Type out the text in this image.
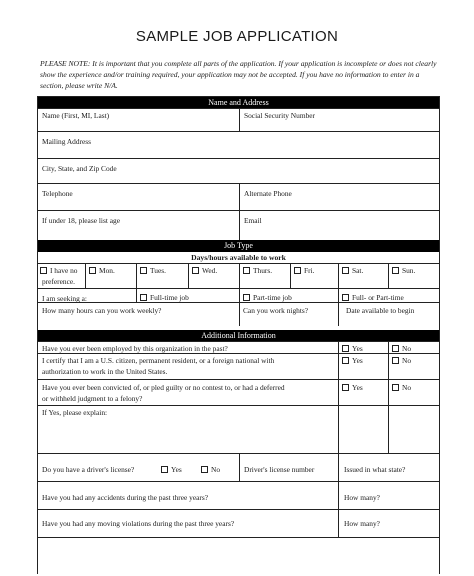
SAMPLE JOB APPLICATION
PLEASE NOTE: It is important that you complete all parts of the application. If your application is incomplete or does not clearly show the experience and/or training required, your application may not be accepted. If you have no information to enter in a section, please write N/A.
Name and Address
Name (First, MI, Last)	Social Security Number
Mailing Address
City, State, and Zip Code
Telephone	Alternate Phone
If under 18, please list age	Email
Job Type
Days/hours available to work
I have no
preference.
Mon.	Tues.	Wed.	Thurs.	Fri.	Sat.	Sun.
I am seeking a:	Full-time job	Part-time job	Full- or Part-time
How many hours can you work weekly?	Can you work nights?	Date available to begin
Additional Information
Have you ever been employed by this organization in the past?	Yes	No
I certify that I am a U.S. citizen, permanent resident, or a foreign national with
authorization to work in the United States.
Yes	No
Have you ever been convicted of, or pled guilty or no contest to, or had a deferred
or withheld judgment to a felony?
Yes	No
If Yes, please explain:
Do you have a driver's license?	Yes	No	Driver's license number	Issued in what state?
Have you had any accidents during the past three years?	How many?
Have you had any moving violations during the past three years?	How many?
